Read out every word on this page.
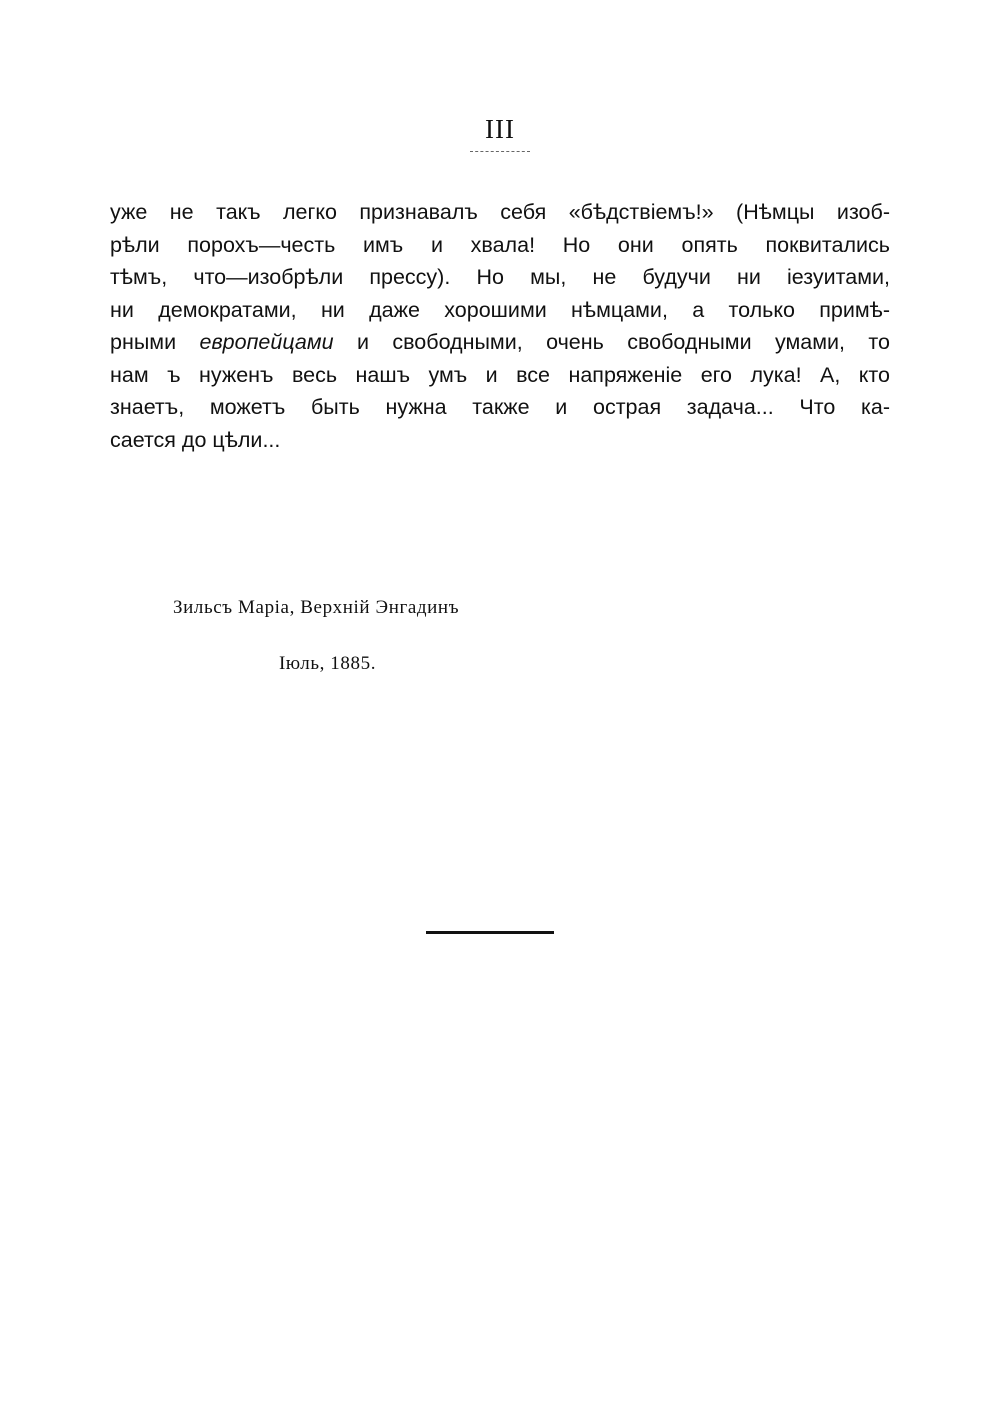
III
уже не такъ легко признавалъ себя «бѣдствіемъ!» (Нѣмцы изоб-
рѣли порохъ—честь имъ и хвала! Но они опять поквитались
тѣмъ, что—изобрѣли прессу). Но мы, не будучи ни іезуитами,
ни демократами, ни даже хорошими нѣмцами, а только примѣ-
рными европейцами и свободными, очень свободными умами, то
нам ъ нуженъ весь нашъ умъ и все напряженіе его лука! А, кто
знаетъ, можетъ быть нужна также и острая задача... Что ка-
сается до цѣли...
Зильсъ Марiа, Верхнiй Энгадинъ
Iюль, 1885.
